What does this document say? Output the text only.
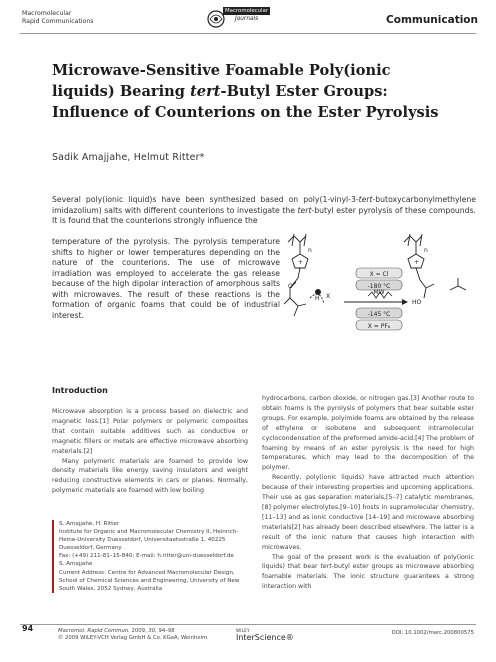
Macromolecular
Rapid Communications
Macromolecular
Journals	Communication
Microwave-Sensitive Foamable Poly(ionic
liquids) Bearing tert-Butyl Ester Groups:
Influence of Counterions on the Ester Pyrolysis
Sadik Amajjahe, Helmut Ritter*
Several poly(ionic liquid)s have been synthesized based on poly(1-vinyl-3-tert-butoxycarbonylmethylene imidazolium) salts with different counterions to investigate the tert-butyl ester pyrolysis of these compounds. It is found that the counterions strongly influence the
temperature of the pyrolysis. The pyrolysis temperature shifts to higher or lower temperatures depending on the nature of the counterions. The use of microwave irradiation was employed to accelerate the gas release because of the high dipolar interaction of amorphous salts with microwaves. The result of these reactions is the formation of organic foams that could be of industrial interest.
n
+
O
H X
X = Cl
-180 °C
MW
-145 °C
X = PF₆
n
+
HO
Introduction

Microwave absorption is a process based on dielectric and magnetic loss.[1] Polar polymers or polymeric composites that contain suitable additives such as conductive or magnetic fillers or metals are effective microwave absorbing materials.[2]

Many polymeric materials are foamed to provide low density materials like energy saving insulators and weight reducing constructive elements in cars or planes. Normally, polymeric materials are foamed with low boiling

hydrocarbons, carbon dioxide, or nitrogen gas.[3] Another route to obtain foams is the pyrolysis of polymers that bear suitable ester groups. For example, polyimide foams are obtained by the release of ethylene or isobutene and subsequent intramolecular cyclocondensation of the preformed amide-acid.[4] The problem of foaming by means of an ester pyrolysis is the need for high temperatures, which may lead to the decomposition of the polymer.

Recently, poly(ionic liquids) have attracted much attention because of their interesting properties and upcoming applications. Their use as gas separation materials,[5–7] catalytic membranes,[8] polymer electrolytes,[9–10] hosts in supramolecular chemistry,[11–13] and as ionic conductive [14–19] and microwave absorbing materials[2] has already been described elsewhere. The latter is a result of the ionic nature that causes high interaction with microwaves.

The goal of the present work is the evaluation of poly(ionic liquids) that bear tert-butyl ester groups as microwave absorbing foamable materials. The ionic structure guarantees a strong interaction with

S. Amajjahe, H. Ritter
Institute for Organic and Macromolecular Chemistry II, Heinrich-Heine-University Duesseldorf, Universitaetsstraße 1, 40225 Duesseldorf, Germany
Fax: (+49) 211-81–15-840; E-mail: h.ritter@uni-duesseldorf.de
S. Amajjahe
Current Address: Centre for Advanced Macromolecular Design, School of Chemical Sciences and Engineering, University of New South Wales, 2052 Sydney, Australia
94	Macromol. Rapid Commun. 2009, 30, 94–98
© 2009 WILEY-VCH Verlag GmbH & Co. KGaA, Weinheim
WILEY
InterScience®	DOI: 10.1002/marc.200800575
